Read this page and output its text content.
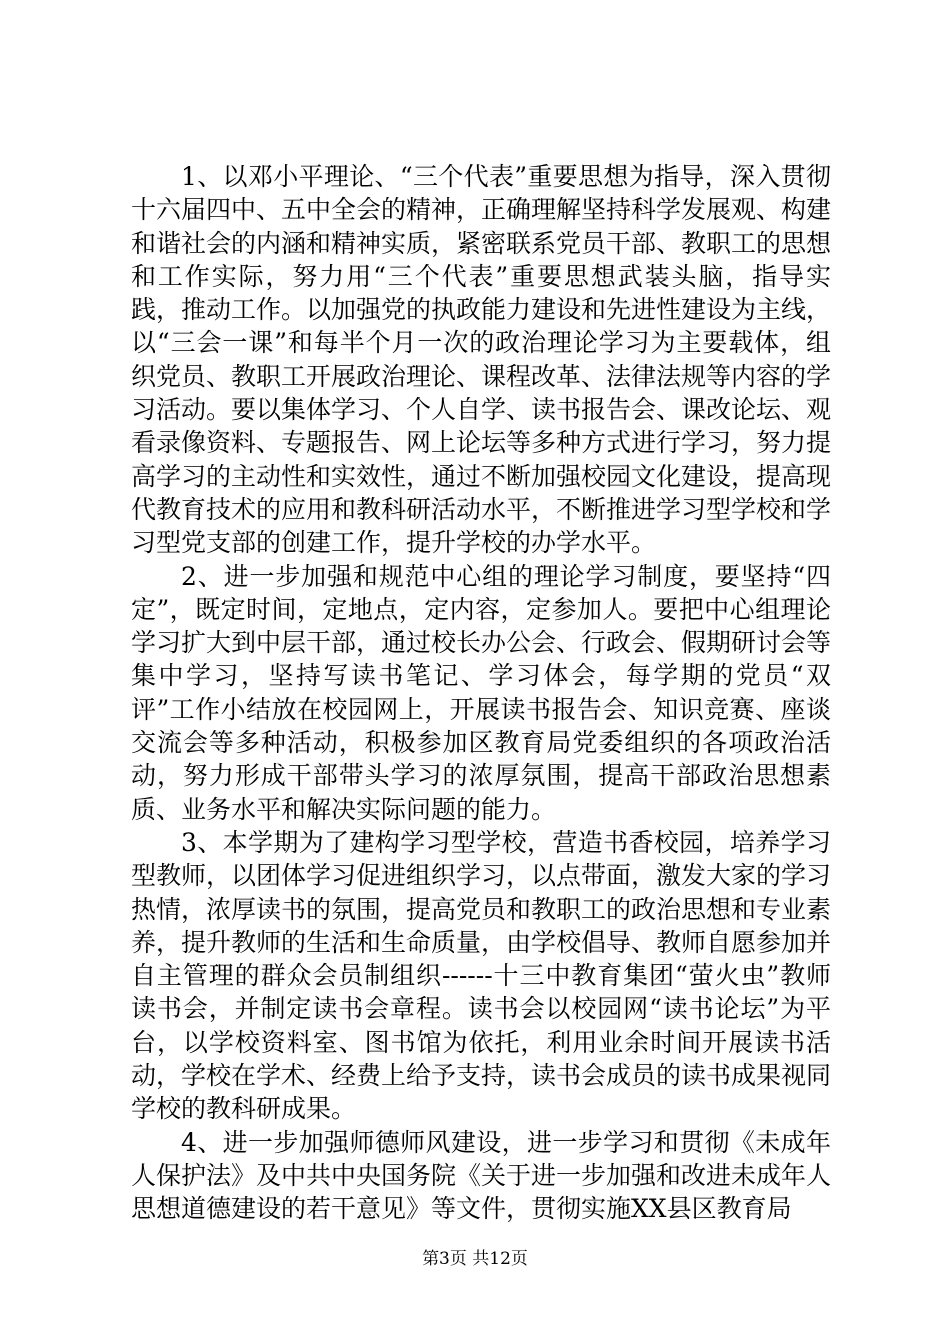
1、以邓小平理论、“三个代表”重要思想为指导，深入贯彻十六届四中、五中全会的精神，正确理解坚持科学发展观、构建和谐社会的内涵和精神实质，紧密联系党员干部、教职工的思想和工作实际，努力用“三个代表”重要思想武装头脑，指导实践，推动工作。以加强党的执政能力建设和先进性建设为主线，以“三会一课”和每半个月一次的政治理论学习为主要载体，组织党员、教职工开展政治理论、课程改革、法律法规等内容的学习活动。要以集体学习、个人自学、读书报告会、课改论坛、观看录像资料、专题报告、网上论坛等多种方式进行学习，努力提高学习的主动性和实效性，通过不断加强校园文化建设，提高现代教育技术的应用和教科研活动水平，不断推进学习型学校和学习型党支部的创建工作，提升学校的办学水平。

2、进一步加强和规范中心组的理论学习制度，要坚持“四定”，既定时间，定地点，定内容，定参加人。要把中心组理论学习扩大到中层干部，通过校长办公会、行政会、假期研讨会等集中学习，坚持写读书笔记、学习体会，每学期的党员“双评”工作小结放在校园网上，开展读书报告会、知识竞赛、座谈交流会等多种活动，积极参加区教育局党委组织的各项政治活动，努力形成干部带头学习的浓厚氛围，提高干部政治思想素质、业务水平和解决实际问题的能力。

3、本学期为了建构学习型学校，营造书香校园，培养学习型教师，以团体学习促进组织学习，以点带面，激发大家的学习热情，浓厚读书的氛围，提高党员和教职工的政治思想和专业素养，提升教师的生活和生命质量，由学校倡导、教师自愿参加并自主管理的群众会员制组织------十三中教育集团“萤火虫”教师读书会，并制定读书会章程。读书会以校园网“读书论坛”为平台，以学校资料室、图书馆为依托，利用业余时间开展读书活动，学校在学术、经费上给予支持，读书会成员的读书成果视同学校的教科研成果。

4、进一步加强师德师风建设，进一步学习和贯彻《未成年人保护法》及中共中央国务院《关于进一步加强和改进未成年人思想道德建设的若干意见》等文件，贯彻实施XX县区教育局

第3页 共12页
